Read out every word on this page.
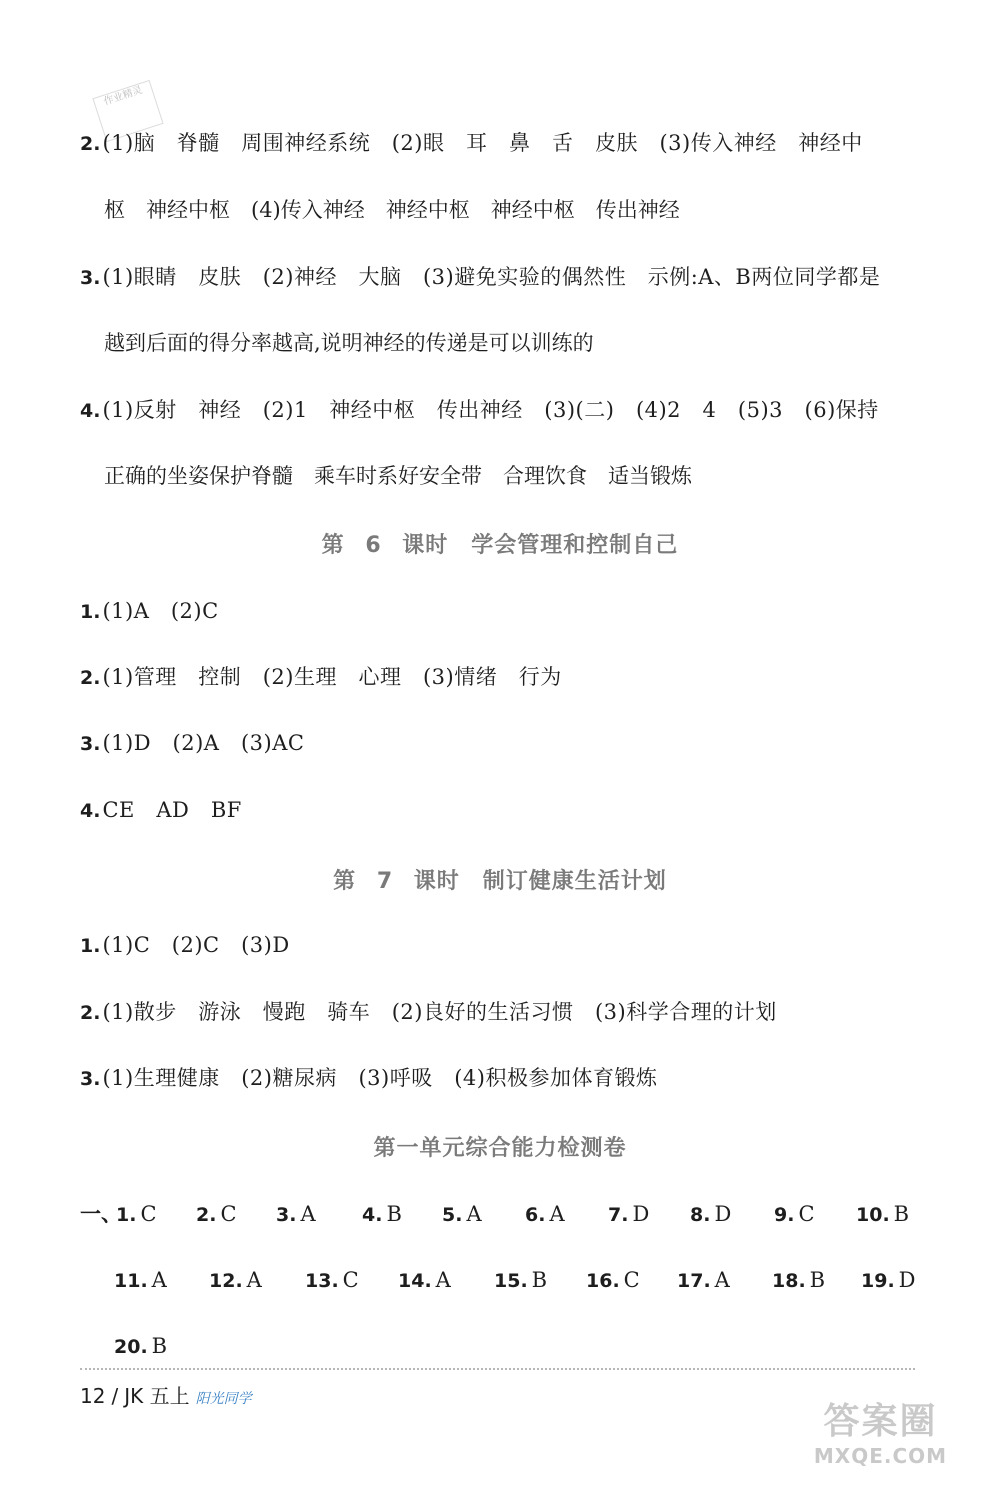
作业精灵
2.(1)脑　脊髓　周围神经系统　(2)眼　耳　鼻　舌　皮肤　(3)传入神经　神经中
枢　神经中枢　(4)传入神经　神经中枢　神经中枢　传出神经
3.(1)眼睛　皮肤　(2)神经　大脑　(3)避免实验的偶然性　示例:A、B两位同学都是
越到后面的得分率越高,说明神经的传递是可以训练的
4.(1)反射　神经　(2)1　神经中枢　传出神经　(3)(二)　(4)2　4　(5)3　(6)保持
正确的坐姿保护脊髓　乘车时系好安全带　合理饮食　适当锻炼
第 6 课时　学会管理和控制自己
1.(1)A　(2)C
2.(1)管理　控制　(2)生理　心理　(3)情绪　行为
3.(1)D　(2)A　(3)AC
4.CE　AD　BF
第 7 课时　制订健康生活计划
1.(1)C　(2)C　(3)D
2.(1)散步　游泳　慢跑　骑车　(2)良好的生活习惯　(3)科学合理的计划
3.(1)生理健康　(2)糖尿病　(3)呼吸　(4)积极参加体育锻炼
第一单元综合能力检测卷
一、
1. C 2. C 3. A 4. B 5. A 6. A 7. D 8. D 9. C 10. B
11. A 12. A 13. C 14. A 15. B 16. C 17. A 18. B 19. D
20. B
12 / JK 五上 阳光同学
答案圈
MXQE.COM
